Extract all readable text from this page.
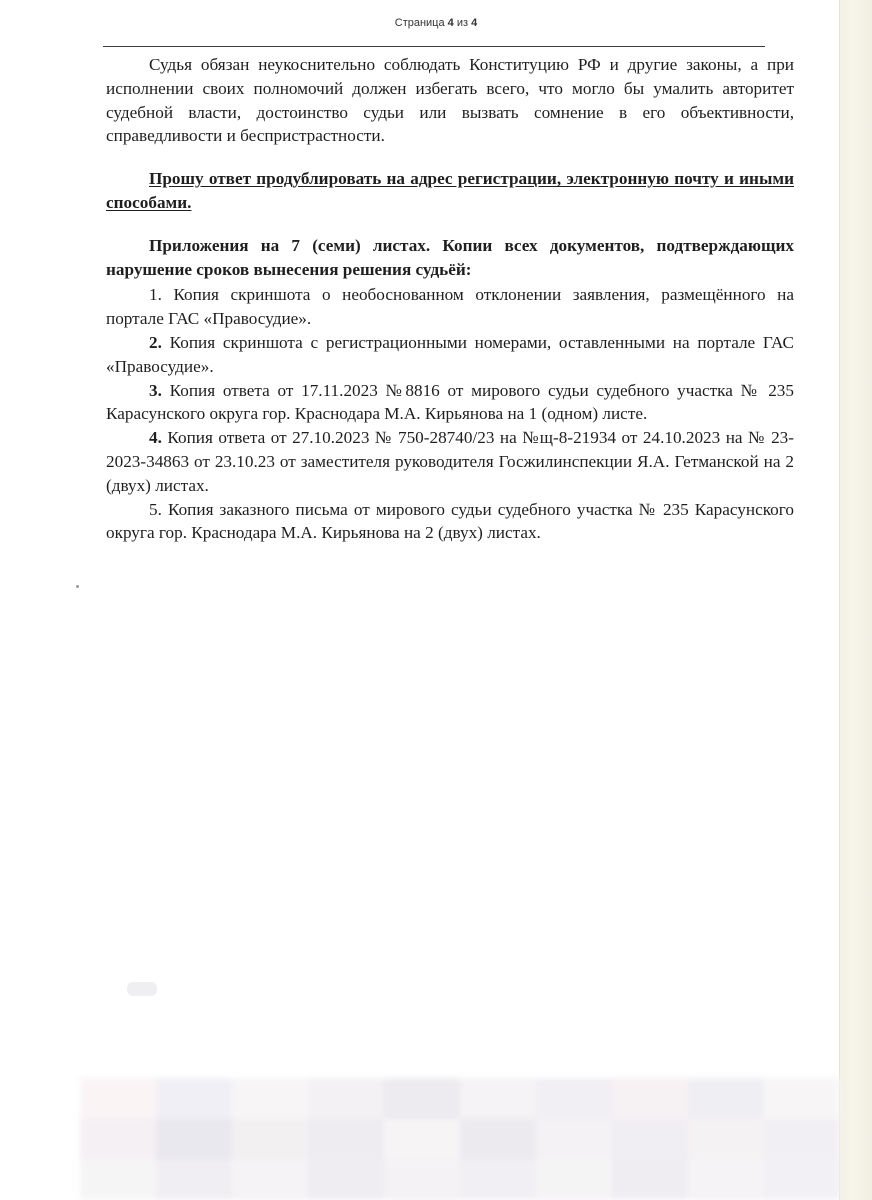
Страница 4 из 4

Судья обязан неукоснительно соблюдать Конституцию РФ и другие законы, а при исполнении своих полномочий должен избегать всего, что могло бы умалить авторитет судебной власти, достоинство судьи или вызвать сомнение в его объективности, справедливости и беспристрастности.

Прошу ответ продублировать на адрес регистрации, электронную почту и иными способами.

Приложения на 7 (семи) листах. Копии всех документов, подтверждающих нарушение сроков вынесения решения судьёй:

1. Копия скриншота о необоснованном отклонении заявления, размещённого на портале ГАС «Правосудие».

2. Копия скриншота с регистрационными номерами, оставленными на портале ГАС «Правосудие».

3. Копия ответа от 17.11.2023 №8816 от мирового судьи судебного участка № 235 Карасунского округа гор. Краснодара М.А. Кирьянова на 1 (одном) листе.

4. Копия ответа от 27.10.2023 № 750-28740/23 на №щ-8-21934 от 24.10.2023 на № 23-2023-34863 от 23.10.23 от заместителя руководителя Госжилинспекции Я.А. Гетманской на 2 (двух) листах.

5. Копия заказного письма от мирового судьи судебного участка № 235 Карасунского округа гор. Краснодара М.А. Кирьянова на 2 (двух) листах.
